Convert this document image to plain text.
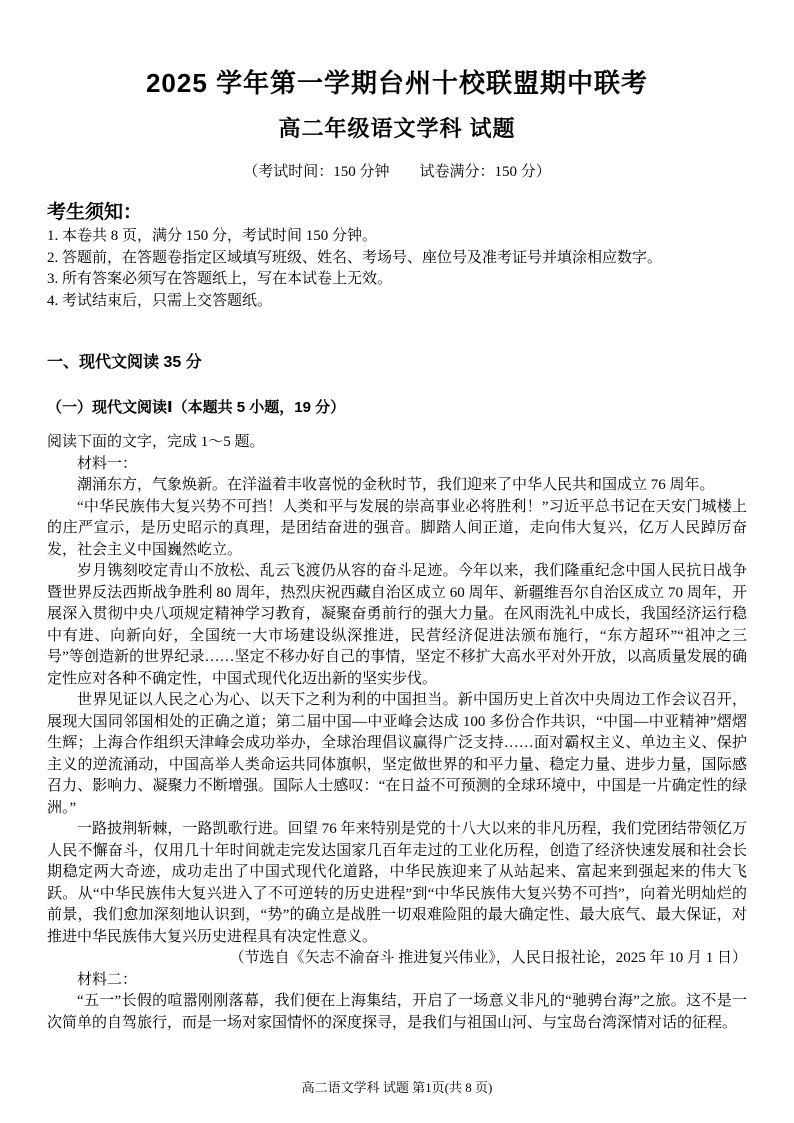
2025 学年第一学期台州十校联盟期中联考
高二年级语文学科 试题
（考试时间：150 分钟　　试卷满分：150 分）
考生须知：
1. 本卷共 8 页，满分 150 分，考试时间 150 分钟。
2. 答题前，在答题卷指定区域填写班级、姓名、考场号、座位号及准考证号并填涂相应数字。
3. 所有答案必须写在答题纸上，写在本试卷上无效。
4. 考试结束后，只需上交答题纸。
一、现代文阅读 35 分
（一）现代文阅读Ⅰ（本题共 5 小题，19 分）

阅读下面的文字，完成 1～5 题。

材料一：

潮涌东方，气象焕新。在洋溢着丰收喜悦的金秋时节，我们迎来了中华人民共和国成立 76 周年。

“中华民族伟大复兴势不可挡！人类和平与发展的崇高事业必将胜利！”习近平总书记在天安门城楼上的庄严宣示，是历史昭示的真理，是团结奋进的强音。脚踏人间正道，走向伟大复兴，亿万人民踔厉奋发，社会主义中国巍然屹立。

岁月镌刻咬定青山不放松、乱云飞渡仍从容的奋斗足迹。今年以来，我们隆重纪念中国人民抗日战争暨世界反法西斯战争胜利 80 周年，热烈庆祝西藏自治区成立 60 周年、新疆维吾尔自治区成立 70 周年，开展深入贯彻中央八项规定精神学习教育，凝聚奋勇前行的强大力量。在风雨洗礼中成长，我国经济运行稳中有进、向新向好，全国统一大市场建设纵深推进，民营经济促进法颁布施行，“东方超环”“祖冲之三号”等创造新的世界纪录……坚定不移办好自己的事情，坚定不移扩大高水平对外开放，以高质量发展的确定性应对各种不确定性，中国式现代化迈出新的坚实步伐。

世界见证以人民之心为心、以天下之利为利的中国担当。新中国历史上首次中央周边工作会议召开，展现大国同邻国相处的正确之道；第二届中国—中亚峰会达成 100 多份合作共识，“中国—中亚精神”熠熠生辉；上海合作组织天津峰会成功举办，全球治理倡议赢得广泛支持……面对霸权主义、单边主义、保护主义的逆流涌动，中国高举人类命运共同体旗帜，坚定做世界的和平力量、稳定力量、进步力量，国际感召力、影响力、凝聚力不断增强。国际人士感叹：“在日益不可预测的全球环境中，中国是一片确定性的绿洲。”

一路披荆斩棘，一路凯歌行进。回望 76 年来特别是党的十八大以来的非凡历程，我们党团结带领亿万人民不懈奋斗，仅用几十年时间就走完发达国家几百年走过的工业化历程，创造了经济快速发展和社会长期稳定两大奇迹，成功走出了中国式现代化道路，中华民族迎来了从站起来、富起来到强起来的伟大飞跃。从“中华民族伟大复兴进入了不可逆转的历史进程”到“中华民族伟大复兴势不可挡”，向着光明灿烂的前景，我们愈加深刻地认识到，“势”的确立是战胜一切艰难险阻的最大确定性、最大底气、最大保证，对推进中华民族伟大复兴历史进程具有决定性意义。

（节选自《矢志不渝奋斗 推进复兴伟业》，人民日报社论，2025 年 10 月 1 日）

材料二：

“五一”长假的喧嚣刚刚落幕，我们便在上海集结，开启了一场意义非凡的“驰骋台海”之旅。这不是一次简单的自驾旅行，而是一场对家国情怀的深度探寻，是我们与祖国山河、与宝岛台湾深情对话的征程。

高二语文学科 试题 第1页(共 8 页)
